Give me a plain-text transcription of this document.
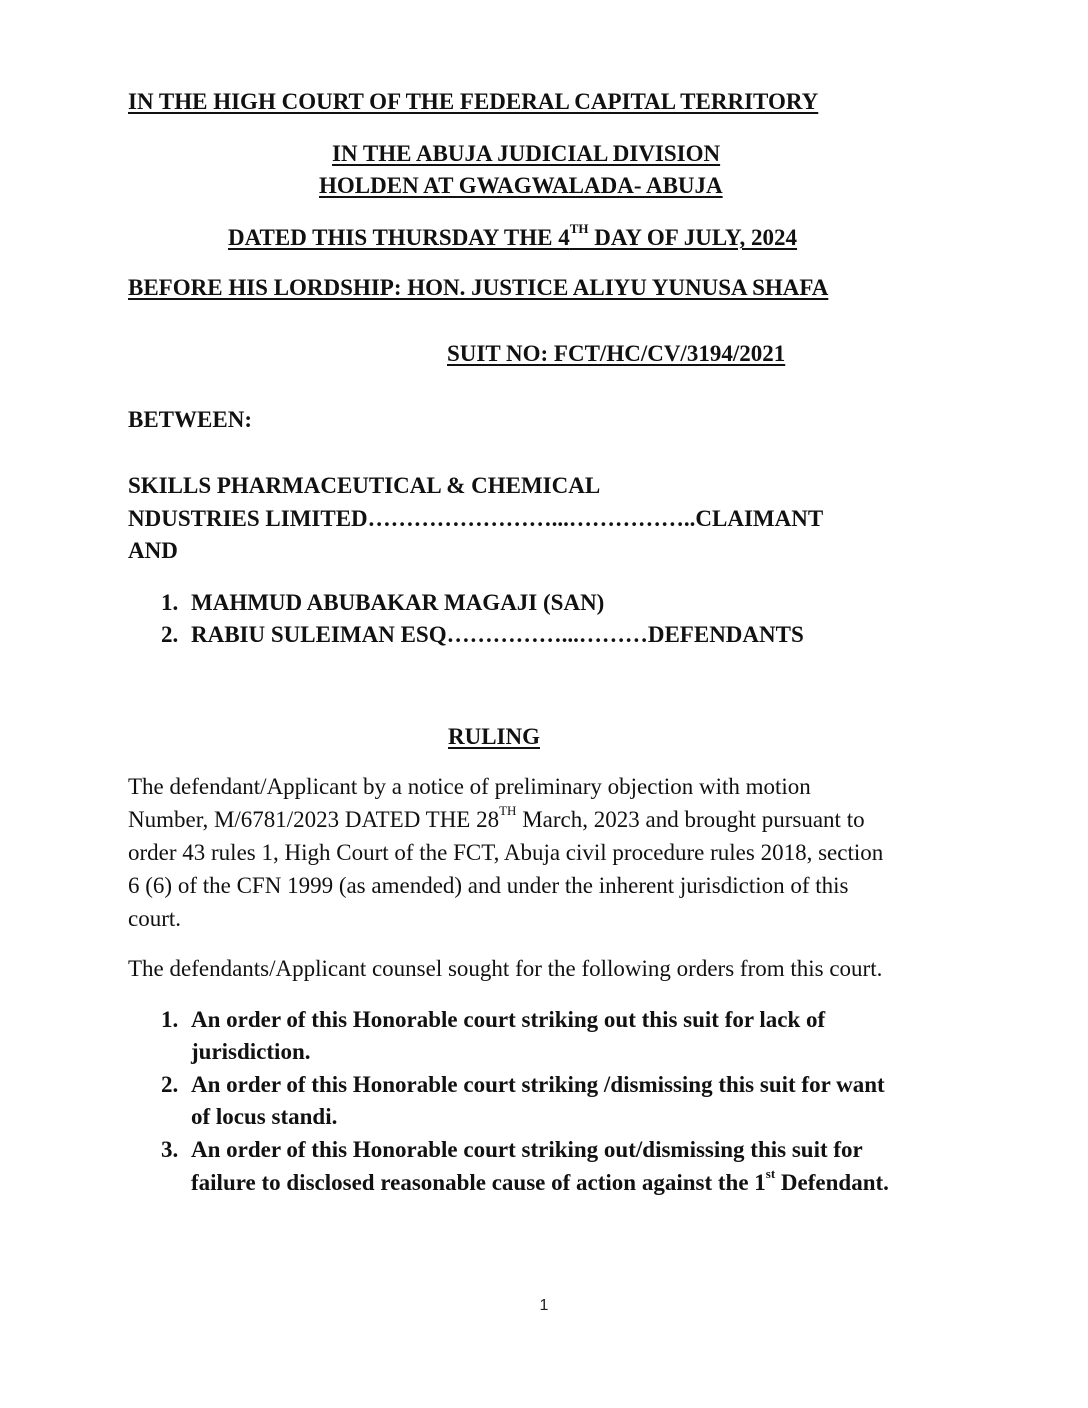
IN THE HIGH COURT OF THE FEDERAL CAPITAL TERRITORY
IN THE ABUJA JUDICIAL DIVISION
HOLDEN AT GWAGWALADA- ABUJA
DATED THIS THURSDAY THE 4TH DAY OF JULY, 2024
BEFORE HIS LORDSHIP: HON. JUSTICE ALIYU YUNUSA SHAFA
SUIT NO: FCT/HC/CV/3194/2021
BETWEEN:
SKILLS PHARMACEUTICAL & CHEMICAL
NDUSTRIES LIMITED……………………...……………..CLAIMANT
AND
1. MAHMUD ABUBAKAR MAGAJI (SAN)
2. RABIU SULEIMAN ESQ……………...………DEFENDANTS
RULING
The defendant/Applicant by a notice of preliminary objection with motion
Number, M/6781/2023 DATED THE 28TH March, 2023 and brought pursuant to
order 43 rules 1, High Court of the FCT, Abuja civil procedure rules 2018, section
6 (6) of the CFN 1999 (as amended) and under the inherent jurisdiction of this
court.
The defendants/Applicant counsel sought for the following orders from this court.
1. An order of this Honorable court striking out this suit for lack of
jurisdiction.
2. An order of this Honorable court striking /dismissing this suit for want
of locus standi.
3. An order of this Honorable court striking out/dismissing this suit for
failure to disclosed reasonable cause of action against the 1st Defendant.
1
